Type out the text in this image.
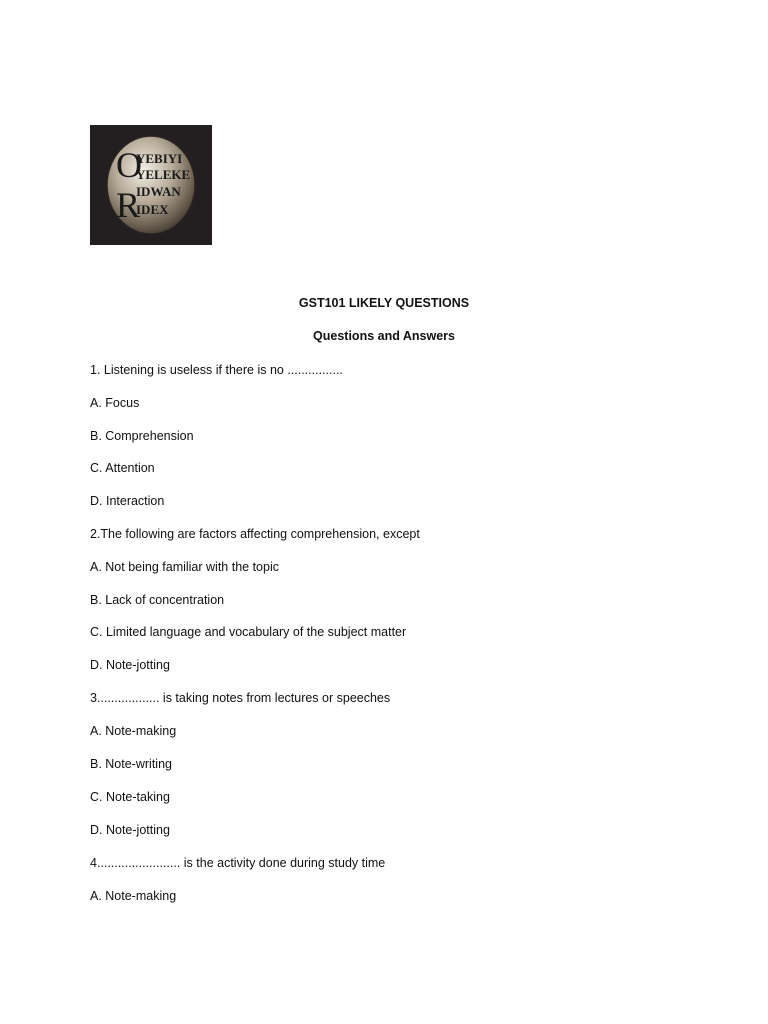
O
R
YEBIYI
YELEKE
IDWAN
IDEX
GST101 LIKELY QUESTIONS
Questions and Answers
1. Listening is useless if there is no ................
A. Focus
B. Comprehension
C. Attention
D. Interaction
2.The following are factors affecting comprehension, except
A. Not being familiar with the topic
B. Lack of concentration
C. Limited language and vocabulary of the subject matter
D. Note-jotting
3.................. is taking notes from lectures or speeches
A. Note-making
B. Note-writing
C. Note-taking
D. Note-jotting
4........................ is the activity done during study time
A. Note-making
